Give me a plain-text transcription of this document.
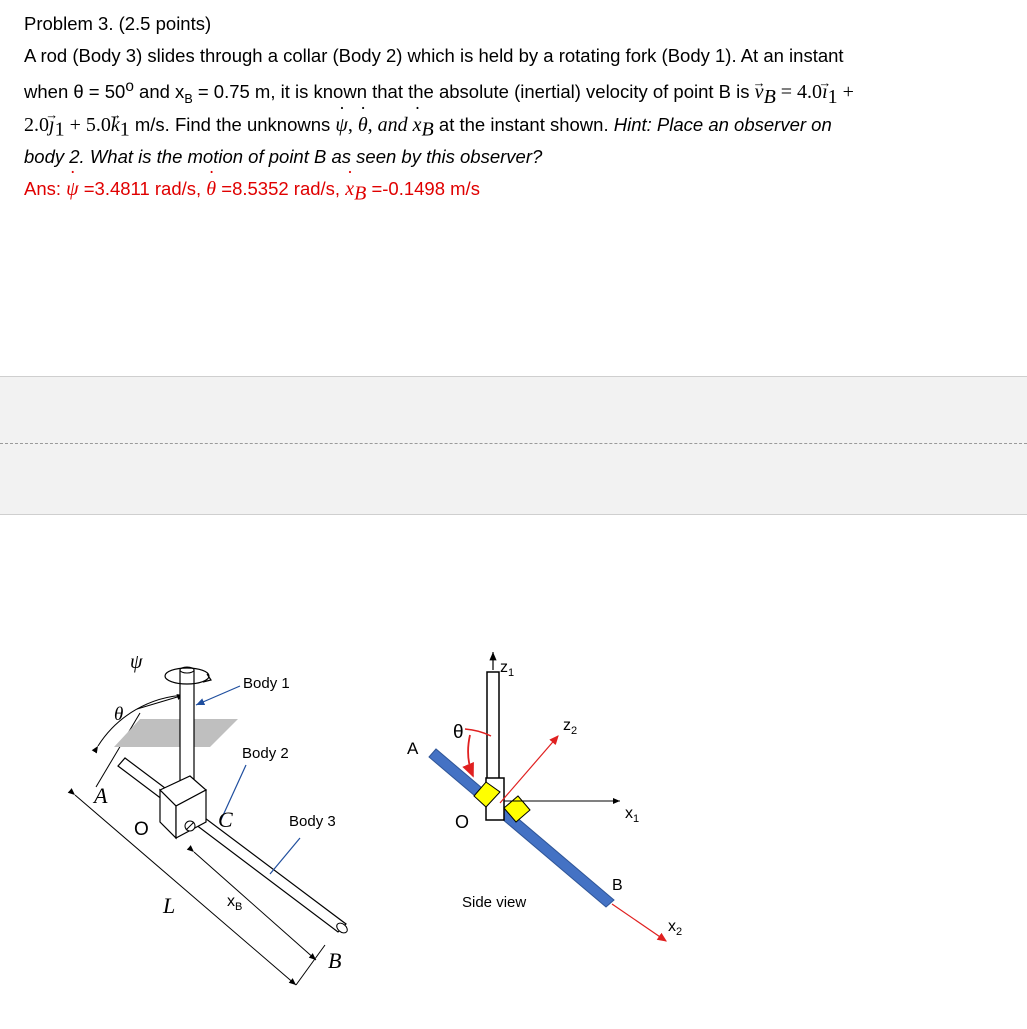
Problem 3. (2.5 points)

A rod (Body 3) slides through a collar (Body 2) which is held by a rotating fork (Body 1). At an instant

when $\theta = 50^o$ and $x_B = 0.75$ m, it is known that the absolute (inertial) velocity of point B is → $v_B = 4.0\to$ $ı_1$ +

$2.0\to ȷ_1 + 5.0\to k_1$ m/s. Find the unknowns ˙ ψ, ˙ θ, and ˙ $x_B$ at the instant shown. Hint: Place an observer on

body 2. What is the motion of point B as seen by this observer?

Ans: ˙ ψ =3.4811 rad/s, ˙ θ =8.5352 rad/s, ˙ $x_B =-0.1498$ m/s

ψ
θ
Body 1
Body 2
Body 3
A
O	C
L	$x_B$
B
$z_1$
$z_2$
$x_1$
$x_2$
θ
A
O
B
Side view
